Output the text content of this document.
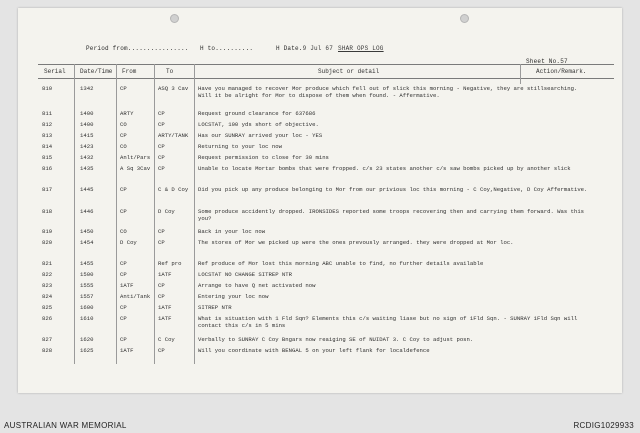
Period from................ H to..........	H Date.9 Jul 67 SHAR OPS LOG
Sheet No.57
Serial Date/Time From	To	Subject or detail	Action/Remark.
810	1342	CP	ASQ 3 Cav	Have you managed to recover Mor produce which fell out of slick this morning - Negative, they are stillsearching. Will it be alright for Mor to dispose of them when found. - Affermative.
811	1400	ARTY	CP	Request ground clearance for 637686
812	1400	CO	CP	LOCSTAT, 100 yds short of objective.
813	1415	CP	ARTY/TANK	Has our SUNRAY arrived your loc - YES
814	1423	CO	CP	Returning to your loc now
815	1432	Anlt/Pars	CP	Request permission to close for 30 mins
816	1435	A Sq 3Cav	CP	Unable to locate Mortar bombs that were fropped. c/s 23 states another c/s saw bombs picked up by another slick
817	1445	CP	C & D Coy	Did you pick up any produce belonging to Mor from our privious loc this morning - C Coy,Negative, D Coy Affermative.
818	1446	CP	D Coy	Some produce accidently dropped. IRONSIDES reported some troops recovering then and carrying them forward. Was this you?
819	1450	CO	CP	Back in your loc now
820	1454	D Coy	CP	The stores of Mor we picked up were the ones prevously arranged. they were dropped at Mor loc.
821	1455	CP	Ref pro	Ref produce of Mor lost this morning ABC unable to find, no further details available
822	1500	CP	1ATF	LOCSTAT NO CHANGE SITREP NTR
823	1555	1ATF	CP	Arrange to have Q net activated now
824	1557	Anti/Tank	CP	Entering your loc now
825	1600	CP	1ATF	SITREP NTR
826	1610	CP	1ATF	What is situation with 1 Fld Sqn? Elements this c/s waiting liase but no sign of 1Fld Sqn. - SUNRAY 1Fld Sqn will contact this c/s in 5 mins
827	1620	CP	C Coy	Verbally to SUNRAY C Coy Bngars now reaiging SE of NUIDAT 3. C Coy to adjust posn.
828	1625	1ATF	CP	Will you coordinate with BENGAL 5 on your left flank for localdefence
AUSTRALIAN WAR MEMORIAL	RCDIG1029933
